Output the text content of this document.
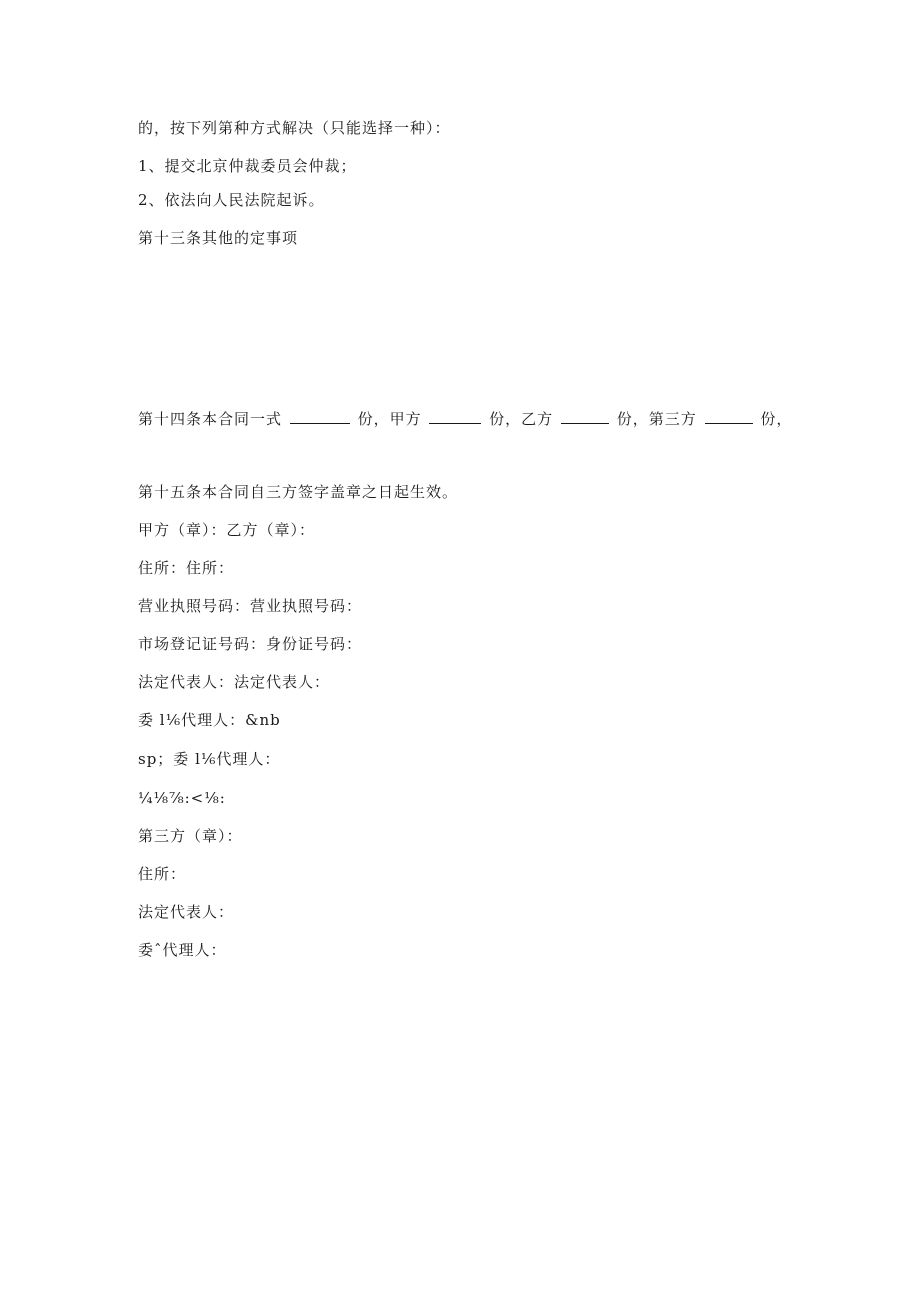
的，按下列第种方式解决（只能选择一种）：
1、提交北京仲裁委员会仲裁；
2、依法向人民法院起诉。
第十三条其他的定事项
第十四条本合同一式	份，甲方	份，乙方	份，第三方	份，
第十五条本合同自三方签字盖章之日起生效。
甲方（章）：乙方（章）：
住所：住所：
营业执照号码：营业执照号码：
市场登记证号码：身份证号码：
法定代表人：法定代表人：
委 l⅙代理人：&nb
sp；委 l⅙代理人：
¼⅛⅞:<⅛:
第三方（章）：
住所：
法定代表人：
委ˆ代理人：
